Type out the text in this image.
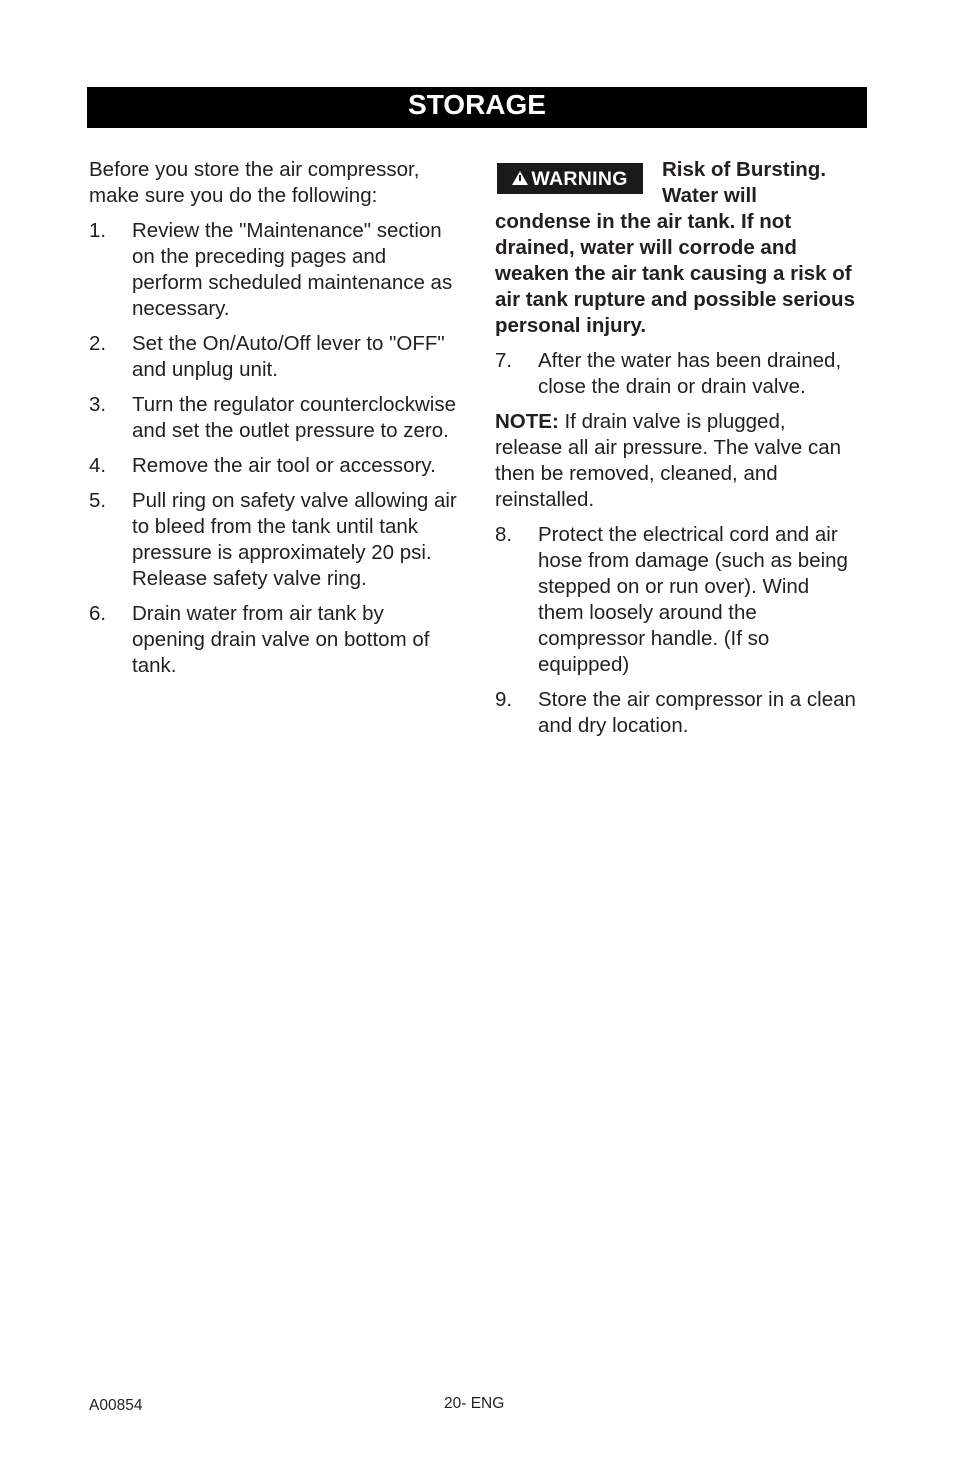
STORAGE

Before you store the air compressor, make sure you do the following:

1.	Review the "Maintenance" section on the preceding pages and perform scheduled maintenance as necessary.
2.	Set the On/Auto/Off lever to "OFF" and unplug unit.
3.	Turn the regulator counterclockwise and set the outlet pressure to zero.
4.	Remove the air tool or accessory.
5.	Pull ring on safety valve allowing air to bleed from the tank until tank pressure is approximately 20 psi. Release safety valve ring.
6.	Drain water from air tank by opening drain valve on bottom of tank.
WARNING Risk of Bursting. Water will condense in the air tank. If not drained, water will corrode and weaken the air tank causing a risk of air tank rupture and possible serious personal injury.
7.	After the water has been drained, close the drain or drain valve.

NOTE: If drain valve is plugged, release all air pressure. The valve can then be removed, cleaned, and reinstalled.

8.	Protect the electrical cord and air hose from damage (such as being stepped on or run over). Wind them loosely around the compressor handle. (If so equipped)
9.	Store the air compressor in a clean and dry location.
A00854	20- ENG
